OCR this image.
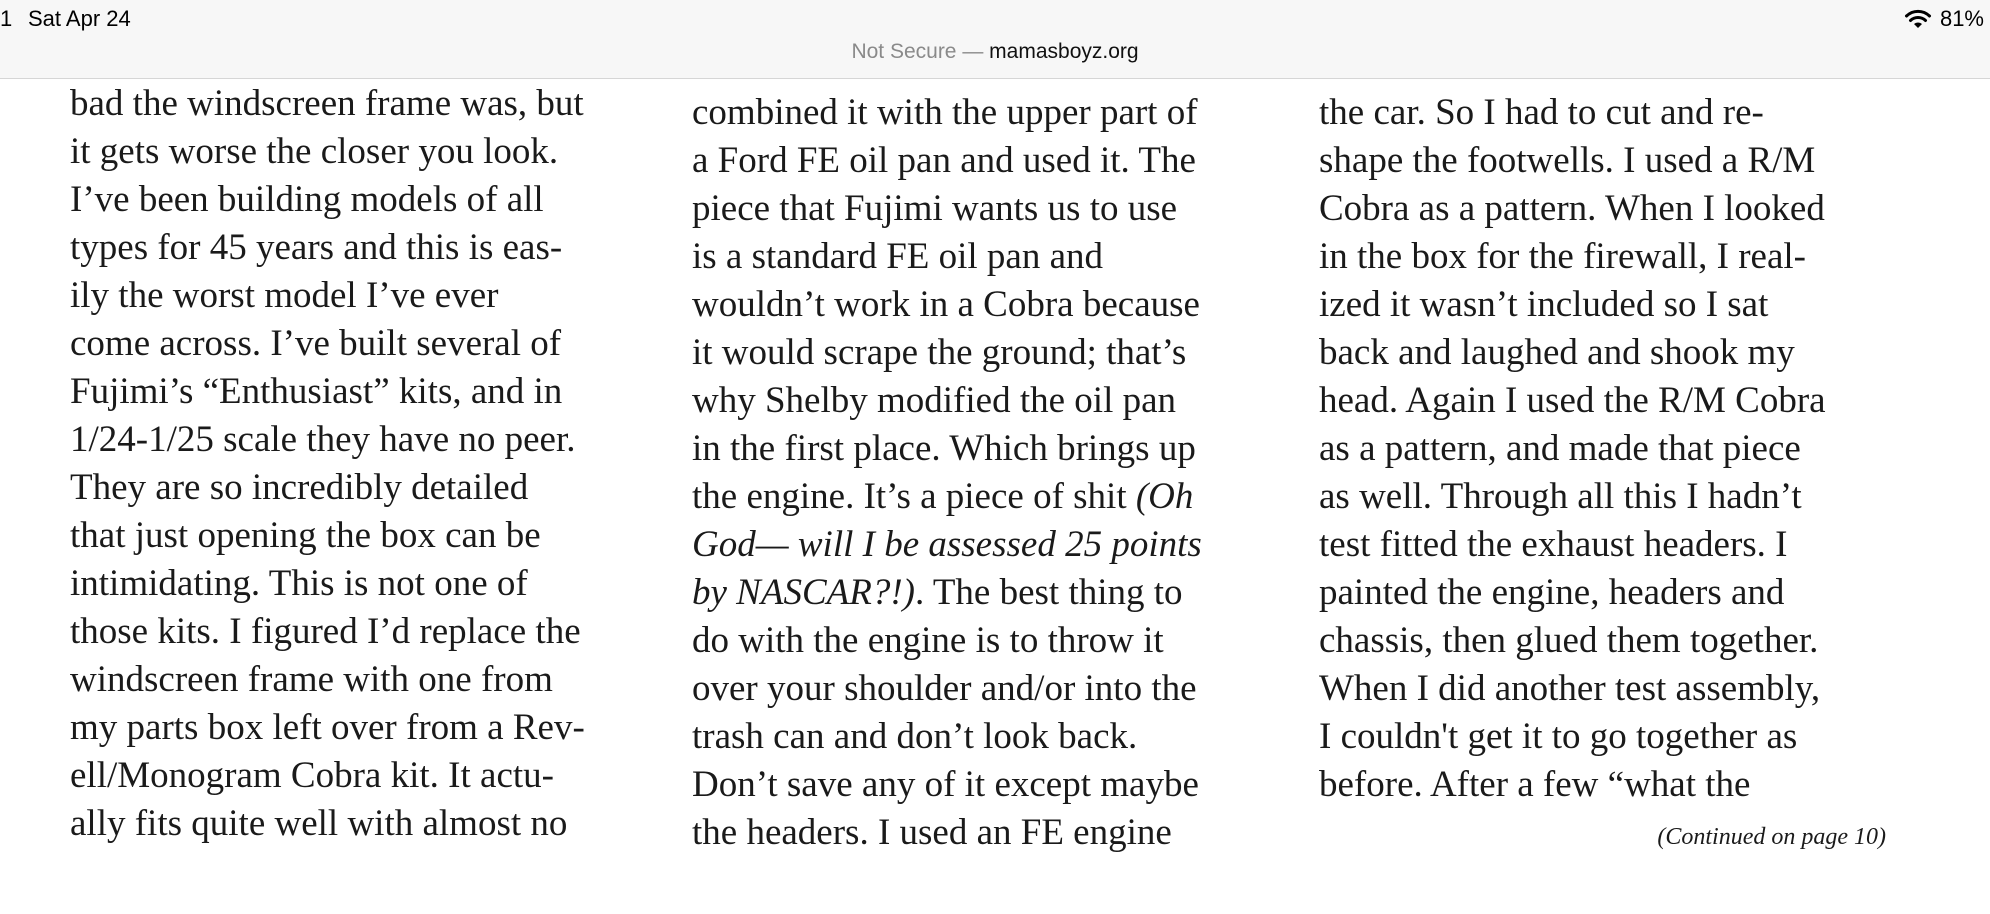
bad the windscreen frame was, but
it gets worse the closer you look.
I’ve been building models of all
types for 45 years and this is eas-
ily the worst model I’ve ever
come across. I’ve built several of
Fujimi’s “Enthusiast” kits, and in
1/24-1/25 scale they have no peer.
They are so incredibly detailed
that just opening the box can be
intimidating. This is not one of
those kits. I figured I’d replace the
windscreen frame with one from
my parts box left over from a Rev-
ell/Monogram Cobra kit. It actu-
ally fits quite well with almost no
combined it with the upper part of
a Ford FE oil pan and used it. The
piece that Fujimi wants us to use
is a standard FE oil pan and
wouldn’t work in a Cobra because
it would scrape the ground; that’s
why Shelby modified the oil pan
in the first place. Which brings up
the engine. It’s a piece of shit (Oh
God— will I be assessed 25 points
by NASCAR?!). The best thing to
do with the engine is to throw it
over your shoulder and/or into the
trash can and don’t look back.
Don’t save any of it except maybe
the headers. I used an FE engine
the car. So I had to cut and re-
shape the footwells. I used a R/M
Cobra as a pattern. When I looked
in the box for the firewall, I real-
ized it wasn’t included so I sat
back and laughed and shook my
head. Again I used the R/M Cobra
as a pattern, and made that piece
as well. Through all this I hadn’t
test fitted the exhaust headers. I
painted the engine, headers and
chassis, then glued them together.
When I did another test assembly,
I couldn't get it to go together as
before. After a few “what the
(Continued on page 10)
1 Sat Apr 24	81%
Not Secure — mamasboyz.org
